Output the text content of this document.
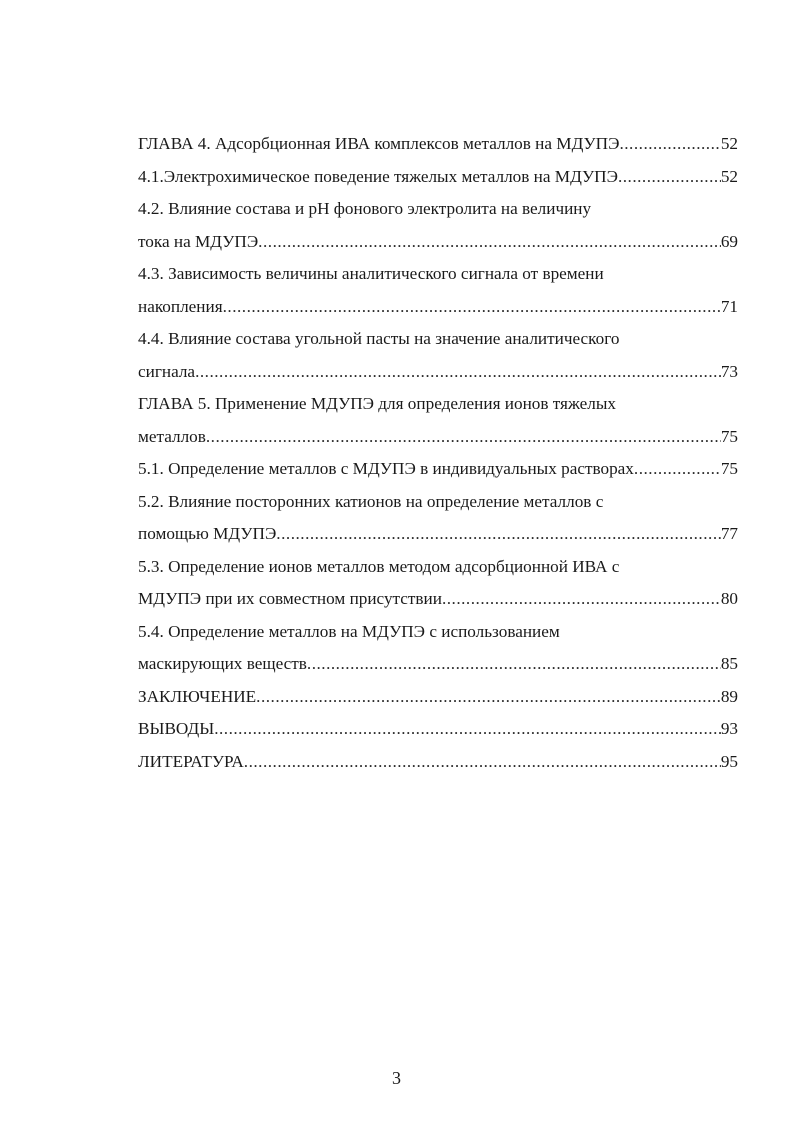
ГЛАВА 4. Адсорбционная ИВА комплексов металлов на МДУПЭ .....	52
4.1.Электрохимическое поведение тяжелых металлов на МДУПЭ .....	52
4.2. Влияние состава и pH фонового электролита на величину
тока на МДУПЭ .....	69
4.3. Зависимость величины аналитического сигнала от времени
накопления .....	71
4.4. Влияние состава угольной пасты на значение аналитического
сигнала .....	73
ГЛАВА 5. Применение МДУПЭ для определения ионов тяжелых
металлов .....	75
5.1. Определение металлов с МДУПЭ в индивидуальных растворах .....	75
5.2. Влияние посторонних катионов на определение металлов с
помощью МДУПЭ .....	77
5.3. Определение ионов металлов методом адсорбционной ИВА с
МДУПЭ при их совместном присутствии .....	80
5.4. Определение металлов на МДУПЭ с использованием
маскирующих веществ .....	85
ЗАКЛЮЧЕНИЕ .....	89
ВЫВОДЫ .....	93
ЛИТЕРАТУРА .....	95
3
